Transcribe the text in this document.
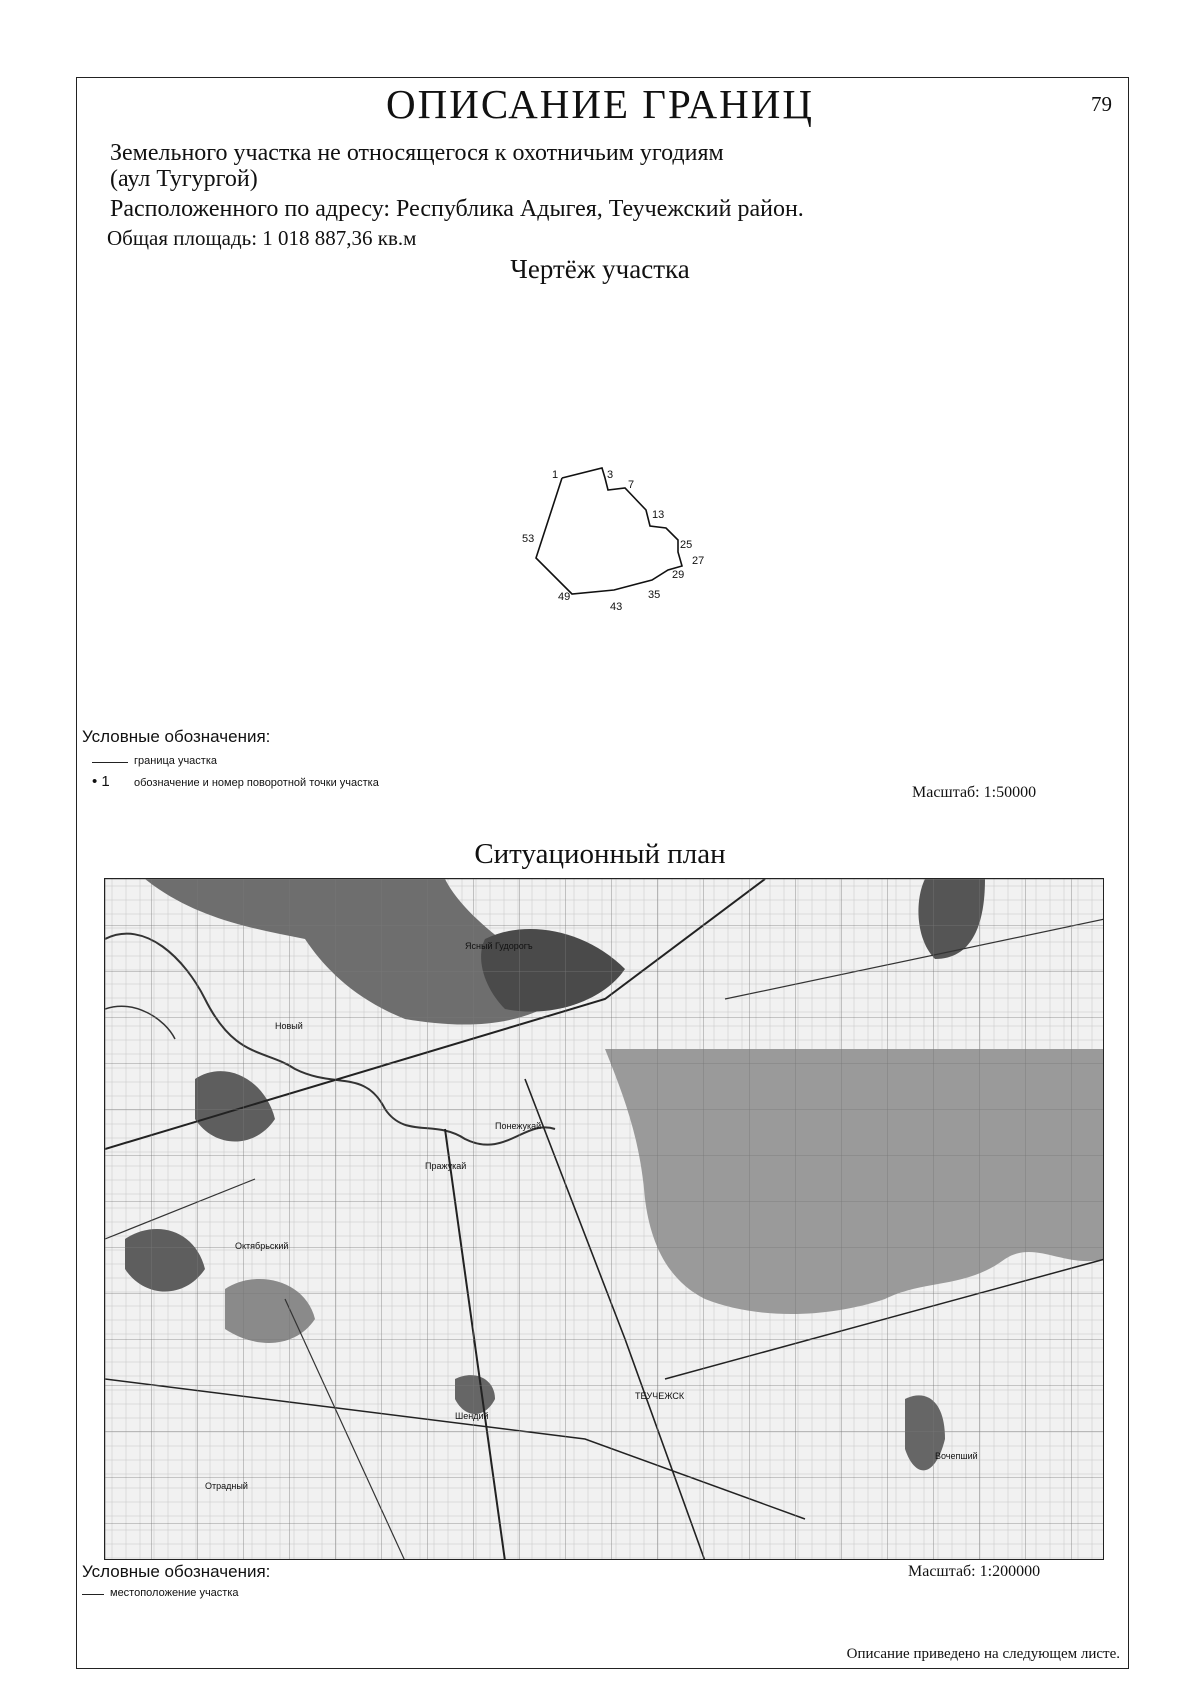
ОПИСАНИЕ ГРАНИЦ	79
Земельного участка не относящегося к охотничьим угодиям
(аул Тугургой)
Расположенного по адресу: Республика Адыгея, Теучежский район.
Общая площадь: 1 018 887,36 кв.м
Чертёж участка
1	3
7
13
25
27
29
35
43
49
53
Условные обозначения:
граница участка
• 1 обозначение и номер поворотной точки участка
Масштаб: 1:50000
Ситуационный план
Ясный Гудорогъ
Новый
Октябрьский
Понежукай
Шендий
ТЕУЧЕЖСК
Вочепший
Отрадный
Пражукай
Условные обозначения:
местоположение участка
Масштаб: 1:200000
Описание приведено на следующем листе.
